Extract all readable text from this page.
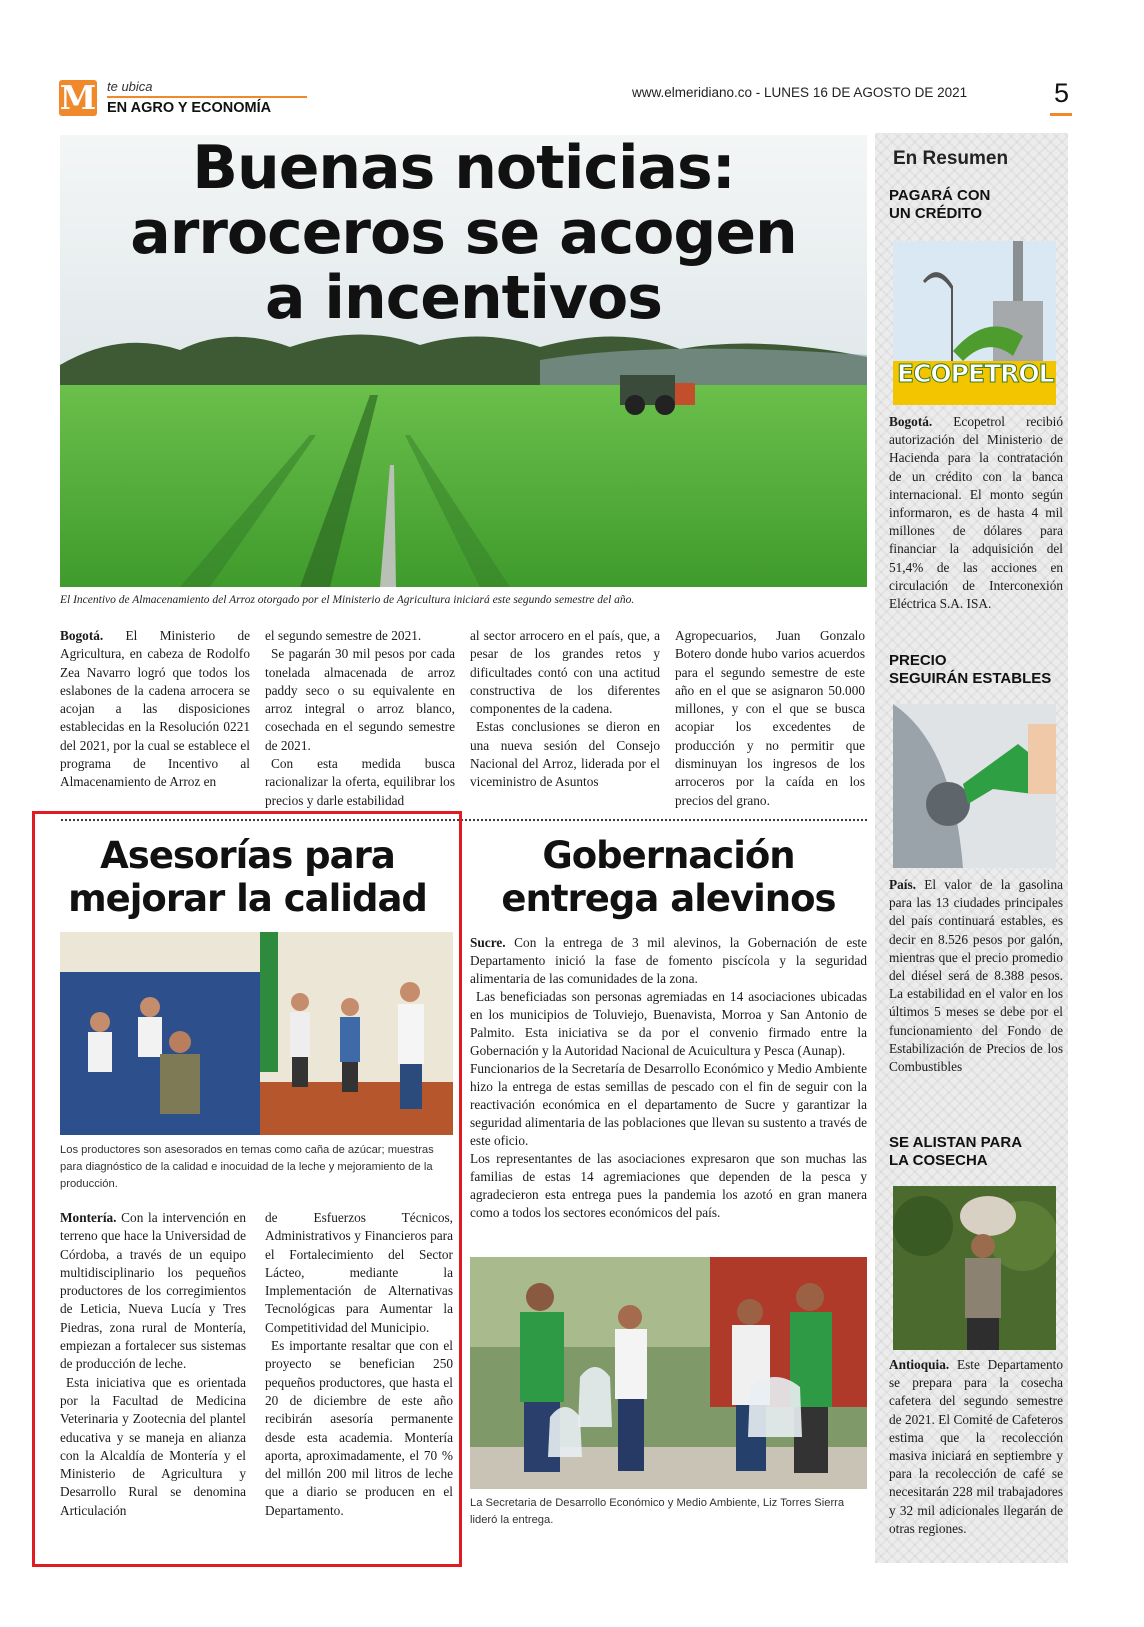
M te ubica
EN AGRO Y ECONOMÍA
www.elmeridiano.co - LUNES 16 DE AGOSTO DE 2021	5
Buenas noticias:
arroceros se acogen
a incentivos
El Incentivo de Almacenamiento del Arroz otorgado por el Ministerio de Agricultura iniciará este segundo semestre del año.

Bogotá. El Ministerio de Agricultura, en cabeza de Rodolfo Zea Navarro logró que todos los eslabones de la cadena arrocera se acojan a las disposiciones establecidas en la Resolución 0221 del 2021, por la cual se establece el programa de Incentivo al Almacenamiento de Arroz en

el segundo semestre de 2021.

Se pagarán 30 mil pesos por cada tonelada almacenada de arroz paddy seco o su equivalente en arroz integral o arroz blanco, cosechada en el segundo semestre de 2021.

Con esta medida busca racionalizar la oferta, equilibrar los precios y darle estabilidad

al sector arrocero en el país, que, a pesar de los grandes retos y dificultades contó con una actitud constructiva de los diferentes componentes de la cadena.

Estas conclusiones se dieron en una nueva sesión del Consejo Nacional del Arroz, liderada por el viceministro de Asuntos

Agropecuarios, Juan Gonzalo Botero donde hubo varios acuerdos para el segundo semestre de este año en el que se asignaron 50.000 millones, y con el que se busca acopiar los excedentes de producción y no permitir que disminuyan los ingresos de los arroceros por la caída en los precios del grano.

Asesorías para
mejorar la calidad
Los productores son asesorados en temas como caña de azúcar; muestras para diagnóstico de la calidad e inocuidad de la leche y mejoramiento de la producción.

Montería. Con la intervención en terreno que hace la Universidad de Córdoba, a través de un equipo multidisciplinario los pequeños productores de los corregimientos de Leticia, Nueva Lucía y Tres Piedras, zona rural de Montería, empiezan a fortalecer sus sistemas de producción de leche.

Esta iniciativa que es orientada por la Facultad de Medicina Veterinaria y Zootecnia del plantel educativa y se maneja en alianza con la Alcaldía de Montería y el Ministerio de Agricultura y Desarrollo Rural se denomina Articulación

de Esfuerzos Técnicos, Administrativos y Financieros para el Fortalecimiento del Sector Lácteo, mediante la Implementación de Alternativas Tecnológicas para Aumentar la Competitividad del Municipio.

Es importante resaltar que con el proyecto se benefician 250 pequeños productores, que hasta el 20 de diciembre de este año recibirán asesoría permanente desde esta academia. Montería aporta, aproximadamente, el 70 % del millón 200 mil litros de leche que a diario se producen en el Departamento.

Gobernación
entrega alevinos

Sucre. Con la entrega de 3 mil alevinos, la Gobernación de este Departamento inició la fase de fomento piscícola y la seguridad alimentaria de las comunidades de la zona.

Las beneficiadas son personas agremiadas en 14 asociaciones ubicadas en los municipios de Toluviejo, Buenavista, Morroa y San Antonio de Palmito. Esta iniciativa se da por el convenio firmado entre la Gobernación y la Autoridad Nacional de Acuicultura y Pesca (Aunap).

Funcionarios de la Secretaría de Desarrollo Económico y Medio Ambiente hizo la entrega de estas semillas de pescado con el fin de seguir con la reactivación económica en el departamento de Sucre y garantizar la seguridad alimentaria de las poblaciones que llevan su sustento a través de este oficio.

Los representantes de las asociaciones expresaron que son muchas las familias de estas 14 agremiaciones que dependen de la pesca y agradecieron esta entrega pues la pandemia los azotó en gran manera como a todos los sectores económicos del país.

La Secretaria de Desarrollo Económico y Medio Ambiente, Liz Torres Sierra lideró la entrega.
En Resumen
PAGARÁ CON
UN CRÉDITO
ECOPETROL
Bogotá. Ecopetrol recibió autorización del Ministerio de Hacienda para la contratación de un crédito con la banca internacional. El monto según informaron, es de hasta 4 mil millones de dólares para financiar la adquisición del 51,4% de las acciones en circulación de Interconexión Eléctrica S.A. ISA.
PRECIO
SEGUIRÁN ESTABLES
País. El valor de la gasolina para las 13 ciudades principales del país continuará estables, es decir en 8.526 pesos por galón, mientras que el precio promedio del diésel será de 8.388 pesos. La estabilidad en el valor en los últimos 5 meses se debe por el funcionamiento del Fondo de Estabilización de Precios de los Combustibles
SE ALISTAN PARA
LA COSECHA
Antioquia. Este Departamento se prepara para la cosecha cafetera del segundo semestre de 2021. El Comité de Cafeteros estima que la recolección masiva iniciará en septiembre y para la recolección de café se necesitarán 228 mil trabajadores y 32 mil adicionales llegarán de otras regiones.
